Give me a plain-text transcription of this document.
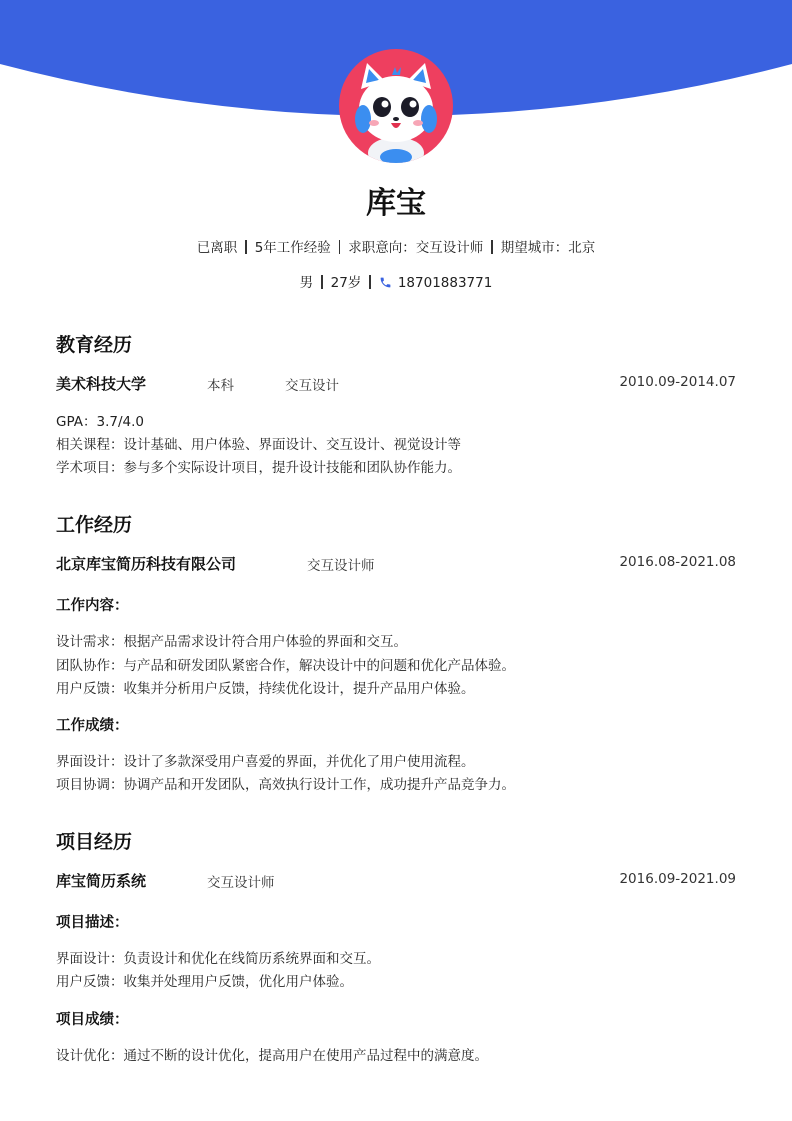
库宝
已离职 5年工作经验 求职意向：交互设计师 期望城市：北京
男 27岁	18701883771
教育经历
美术科技大学	本科	交互设计	2010.09-2014.07
GPA：3.7/4.0
相关课程：设计基础、用户体验、界面设计、交互设计、视觉设计等
学术项目：参与多个实际设计项目，提升设计技能和团队协作能力。
工作经历
北京库宝简历科技有限公司	交互设计师	2016.08-2021.08
工作内容：
设计需求：根据产品需求设计符合用户体验的界面和交互。
团队协作：与产品和研发团队紧密合作，解决设计中的问题和优化产品体验。
用户反馈：收集并分析用户反馈，持续优化设计，提升产品用户体验。
工作成绩：
界面设计：设计了多款深受用户喜爱的界面，并优化了用户使用流程。
项目协调：协调产品和开发团队，高效执行设计工作，成功提升产品竞争力。
项目经历
库宝简历系统	交互设计师	2016.09-2021.09
项目描述：
界面设计：负责设计和优化在线简历系统界面和交互。
用户反馈：收集并处理用户反馈，优化用户体验。
项目成绩：
设计优化：通过不断的设计优化，提高用户在使用产品过程中的满意度。
